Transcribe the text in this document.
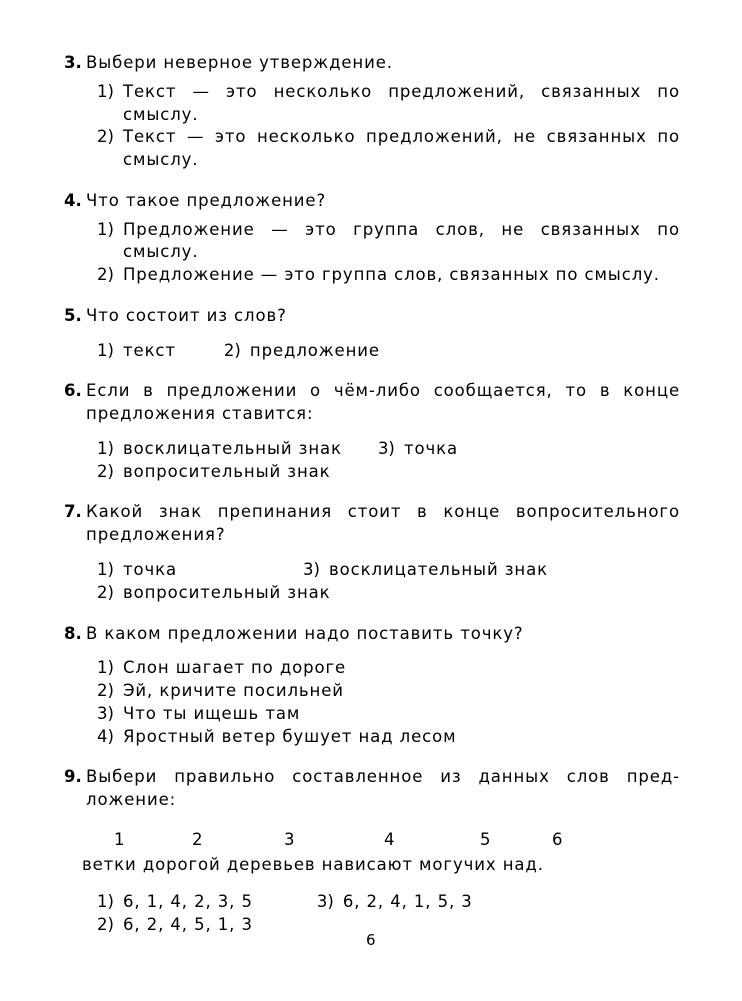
3. Выбери неверное утверждение.
1) Текст — это несколько предложений, связанных по смыслу.
2) Текст — это несколько предложений, не связанных по смыслу.
4. Что такое предложение?
1) Предложение — это группа слов, не связанных по смыслу.
2) Предложение — это группа слов, связанных по смыслу.
5. Что состоит из слов?
1) текст	2) предложение
6. Если в предложении о чём-либо сообщается, то в конце предложения ставится:
1) восклицательный знак 3) точка
2) вопросительный знак
7. Какой знак препинания стоит в конце вопросительного предложения?
1) точка	3) восклицательный знак
2) вопросительный знак
8. В каком предложении надо поставить точку?
1) Слон шагает по дороге
2) Эй, кричите посильней
3) Что ты ищешь там
4) Яростный ветер бушует над лесом
9. Выбери правильно составленное из данных слов пред-ложение:
1	2	3	4	5	6
ветки дорогой деревьев нависают могучих над.
1) 6, 1, 4, 2, 3, 5	3) 6, 2, 4, 1, 5, 3
2) 6, 2, 4, 5, 1, 3
6
